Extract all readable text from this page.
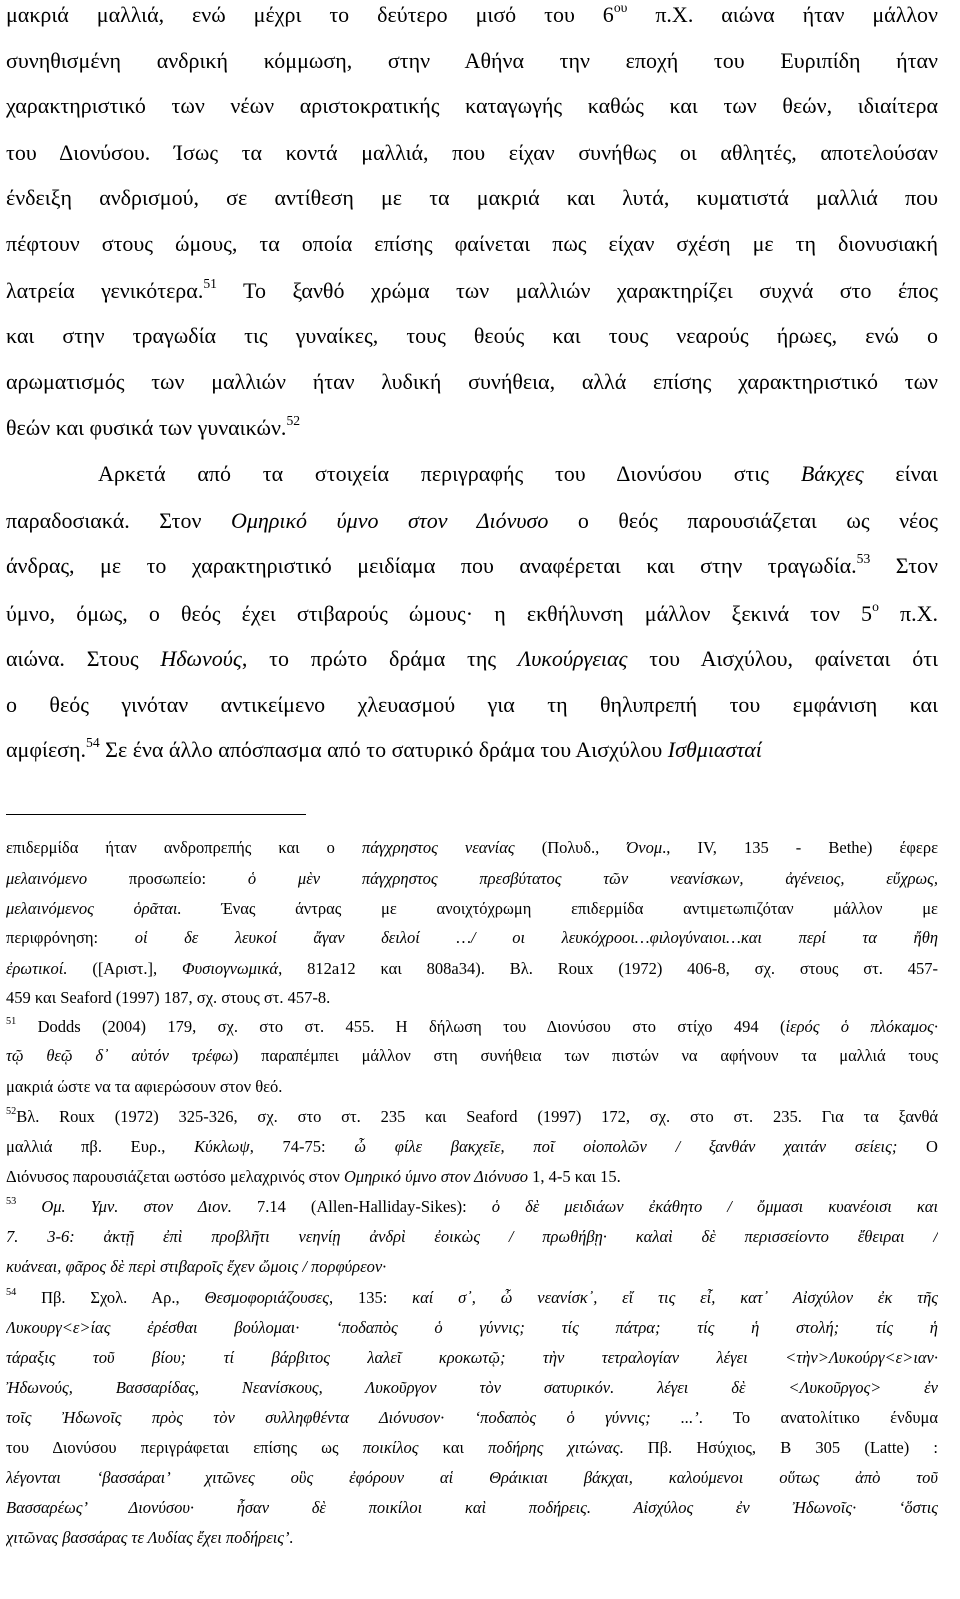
μακριά μαλλιά, ενώ μέχρι το δεύτερο μισό του $6^{o\upsilon}$ π.Χ. αιώνα ήταν μάλλον
συνηθισμένη ανδρική κόμμωση, στην Αθήνα την εποχή του Ευριπίδη ήταν
χαρακτηριστικό των νέων αριστοκρατικής καταγωγής καθώς και των θεών, ιδιαίτερα
του Διονύσου. Ίσως τα κοντά μαλλιά, που είχαν συνήθως οι αθλητές, αποτελούσαν
ένδειξη ανδρισμού, σε αντίθεση με τα μακριά και λυτά, κυματιστά μαλλιά που
πέφτουν στους ώμους, τα οποία επίσης φαίνεται πως είχαν σχέση με τη διονυσιακή
λατρεία γενικότερα.$^{51}$ Το ξανθό χρώμα των μαλλιών χαρακτηρίζει συχνά στο έπος
και στην τραγωδία τις γυναίκες, τους θεούς και τους νεαρούς ήρωες, ενώ ο
αρωματισμός των μαλλιών ήταν λυδική συνήθεια, αλλά επίσης χαρακτηριστικό των
θεών και φυσικά των γυναικών.$^{52}$
Αρκετά από τα στοιχεία περιγραφής του Διονύσου στις Βάκχες είναι
παραδοσιακά. Στον Ομηρικό ύμνο στον Διόνυσο ο θεός παρουσιάζεται ως νέος
άνδρας, με το χαρακτηριστικό μειδίαμα που αναφέρεται και στην τραγωδία.$^{53}$ Στον
ύμνο, όμως, ο θεός έχει στιβαρούς ώμους· η εκθήλυνση μάλλον ξεκινά τον $5^o$ π.Χ.
αιώνα. Στους Ηδωνούς, το πρώτο δράμα της Λυκούργειας του Αισχύλου, φαίνεται ότι
ο θεός γινόταν αντικείμενο χλευασμού για τη θηλυπρεπή του εμφάνιση και
αμφίεση.$^{54}$ Σε ένα άλλο απόσπασμα από το σατυρικό δράμα του Αισχύλου Ισθμιασταί
επιδερμίδα ήταν ανδροπρεπής και ο πάγχρηστος νεανίας (Πολυδ., Όνομ., IV, 135 - Bethe) έφερε
μελαινόμενο προσωπείο: ὁ μὲν πάγχρηστος πρεσβύτατος τῶν νεανίσκων, ἀγένειος, εὔχρως,
μελαινόμενος ὁρᾶται. Ένας άντρας με ανοιχτόχρωμη επιδερμίδα αντιμετωπιζόταν μάλλον με
περιφρόνηση: οἱ δε λευκοί ἄγαν δειλοί …/ οι λευκόχροοι…φιλογύναιοι…και περί τα ἤθη
ἐρωτικοί. ([Αριστ.], Φυσιογνωμικά, 812a12 και 808a34). Βλ. Roux (1972) 406-8, σχ. στους στ. 457-
459 και Seaford (1997) 187, σχ. στους στ. 457-8.
$^{51}$ Dodds (2004) 179, σχ. στο στ. 455. Η δήλωση του Διονύσου στο στίχο 494 (ἱερός ὁ πλόκαμος·
τῷ θεῷ δ᾽ αὐτόν τρέφω) παραπέμπει μάλλον στη συνήθεια των πιστών να αφήνουν τα μαλλιά τους
μακριά ώστε να τα αφιερώσουν στον θεό.
$^{52}$Βλ. Roux (1972) 325-326, σχ. στο στ. 235 και Seaford (1997) 172, σχ. στο στ. 235. Για τα ξανθά
μαλλιά πβ. Ευρ., Κύκλωψ, 74-75: ὦ φίλε βακχεῖε, ποῖ οἰοπολῶν / ξανθάν χαιτάν σείεις; Ο
Διόνυσος παρουσιάζεται ωστόσο μελαχρινός στον Ομηρικό ύμνο στον Διόνυσο 1, 4-5 και 15.
$^{53}$ Ομ. Υμν. στον Διον. 7.14 (Allen-Halliday-Sikes): ὁ δὲ μειδιάων ἐκάθητο / ὄμμασι κυανέοισι και
7. 3-6: ἀκτῇ ἐπὶ προβλῆτι νεηνίῃ ἀνδρὶ ἐοικὼς / πρωθήβῃ· καλαὶ δὲ περισσείοντο ἔθειραι /
κυάνεαι, φᾶρος δὲ περὶ στιβαροῖς ἔχεν ὤμοις / πορφύρεον·
$^{54}$ Πβ. Σχολ. Αρ., Θεσμοφοριάζουσες, 135: καί σ᾽, ὦ νεανίσκ᾽, εἴ τις εἶ, κατ᾽ Αἰσχύλον ἐκ τῆς
Λυκουργ<ε>ίας ἐρέσθαι βούλομαι· ‘ποδαπὸς ὁ γύννις; τίς πάτρα; τίς ἡ στολή; τίς ἡ
τάραξις τοῦ βίου; τί βάρβιτος λαλεῖ κροκωτῷ; τὴν τετραλογίαν λέγει <τὴν>Λυκούργ<ε>ιαν·
Ἠδωνούς, Βασσαρίδας, Νεανίσκους, Λυκοῦργον τὸν σατυρικόν. λέγει δὲ <Λυκοῦργος> ἐν
τοῖς Ἠδωνοῖς πρὸς τὸν συλληφθέντα Διόνυσον· ‘ποδαπὸς ὁ γύννις; ...’. Το ανατολίτικο ένδυμα
του Διονύσου περιγράφεται επίσης ως ποικίλος και ποδήρης χιτώνας. Πβ. Ησύχιος, B 305 (Latte) :
λέγονται ‘βασσάραι’ χιτῶνες οὓς ἐφόρουν αἱ Θράικιαι βάκχαι, καλούμενοι οὕτως ἀπὸ τοῦ
Βασσαρέως’ Διονύσου· ἦσαν δὲ ποικίλοι καὶ ποδήρεις. Αἰσχύλος ἐν Ἠδωνοῖς· ‘ὅστις
χιτῶνας βασσάρας τε Λυδίας ἔχει ποδήρεις’.
